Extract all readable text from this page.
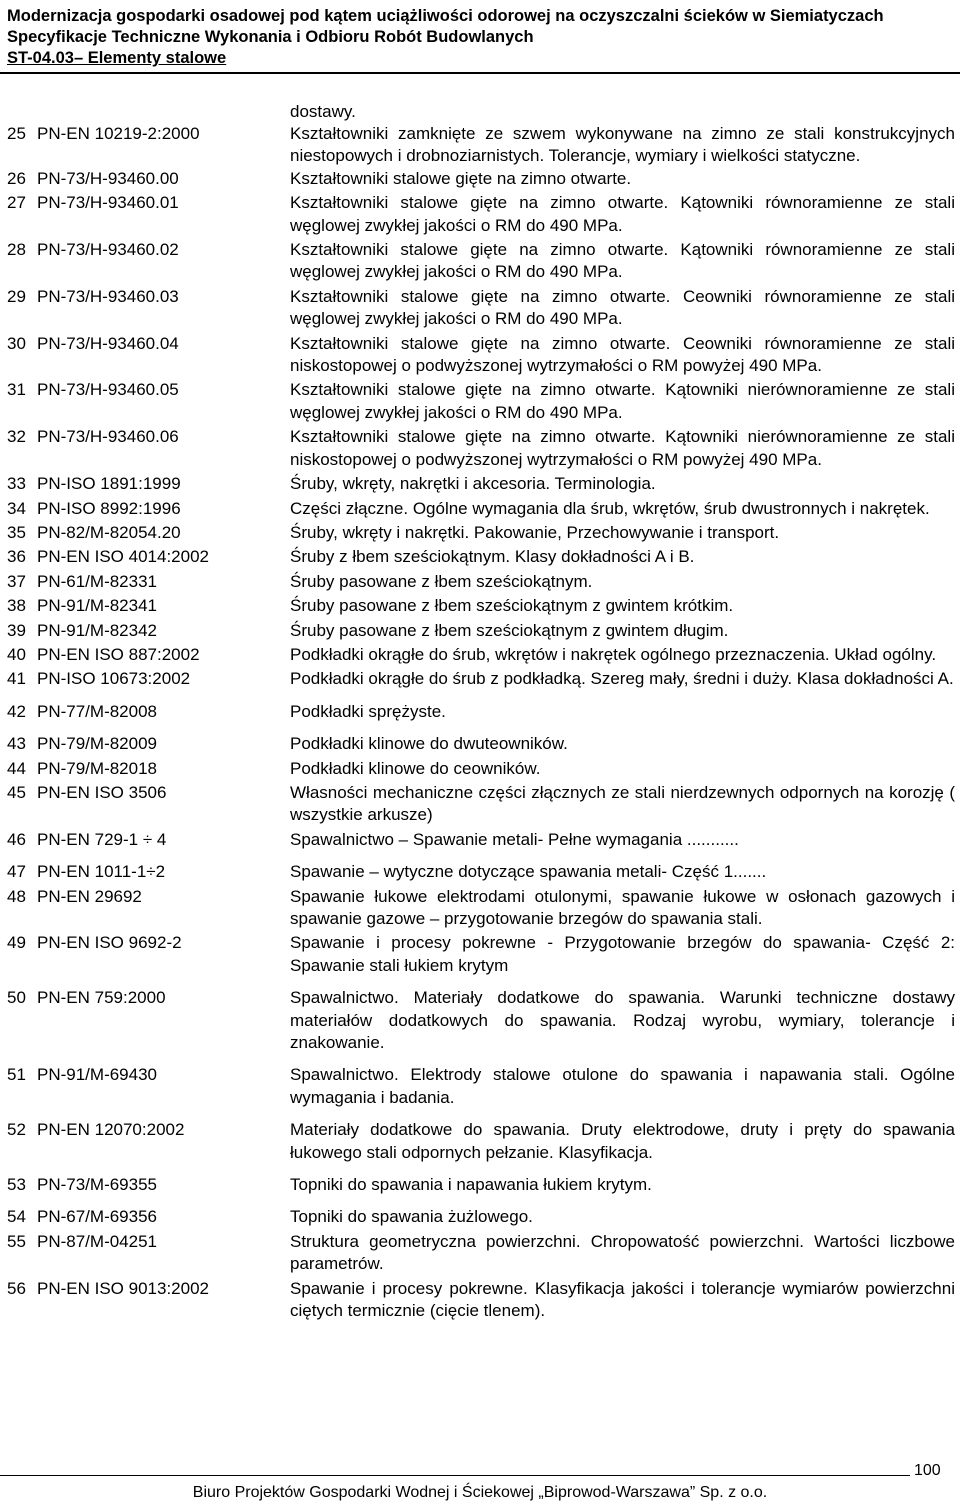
Modernizacja gospodarki osadowej pod kątem uciążliwości odorowej na oczyszczalni ścieków w Siemiatyczach
Specyfikacje Techniczne Wykonania i Odbioru Robót Budowlanych
ST-04.03– Elementy stalowe
dostawy.
25 PN-EN 10219-2:2000	Kształtowniki zamknięte ze szwem wykonywane na zimno ze stali konstrukcyjnych niestopowych i drobnoziarnistych. Tolerancje, wymiary i wielkości statyczne.
26 PN-73/H-93460.00	Kształtowniki stalowe gięte na zimno otwarte.
27 PN-73/H-93460.01	Kształtowniki stalowe gięte na zimno otwarte. Kątowniki równoramienne ze stali węglowej zwykłej jakości o RM do 490 MPa.
28 PN-73/H-93460.02	Kształtowniki stalowe gięte na zimno otwarte. Kątowniki równoramienne ze stali węglowej zwykłej jakości o RM do 490 MPa.
29 PN-73/H-93460.03	Kształtowniki stalowe gięte na zimno otwarte. Ceowniki równoramienne ze stali węglowej zwykłej jakości o RM do 490 MPa.
30 PN-73/H-93460.04	Kształtowniki stalowe gięte na zimno otwarte. Ceowniki równoramienne ze stali niskostopowej o podwyższonej wytrzymałości o RM powyżej 490 MPa.
31 PN-73/H-93460.05	Kształtowniki stalowe gięte na zimno otwarte. Kątowniki nierównoramienne ze stali węglowej zwykłej jakości o RM do 490 MPa.
32 PN-73/H-93460.06	Kształtowniki stalowe gięte na zimno otwarte. Kątowniki nierównoramienne ze stali niskostopowej o podwyższonej wytrzymałości o RM powyżej 490 MPa.
33 PN-ISO 1891:1999	Śruby, wkręty, nakrętki i akcesoria. Terminologia.
34 PN-ISO 8992:1996	Części złączne. Ogólne wymagania dla śrub, wkrętów, śrub dwustronnych i nakrętek.
35 PN-82/M-82054.20	Śruby, wkręty i nakrętki. Pakowanie, Przechowywanie i transport.
36 PN-EN ISO 4014:2002	Śruby z łbem sześciokątnym. Klasy dokładności A i B.
37 PN-61/M-82331	Śruby pasowane z łbem sześciokątnym.
38 PN-91/M-82341	Śruby pasowane z łbem sześciokątnym z gwintem krótkim.
39 PN-91/M-82342	Śruby pasowane z łbem sześciokątnym z gwintem długim.
40 PN-EN ISO 887:2002	Podkładki okrągłe do śrub, wkrętów i nakrętek ogólnego przeznaczenia. Układ ogólny.
41 PN-ISO 10673:2002	Podkładki okrągłe do śrub z podkładką. Szereg mały, średni i duży. Klasa dokładności A.
42 PN-77/M-82008	Podkładki sprężyste.
43 PN-79/M-82009	Podkładki klinowe do dwuteowników.
44 PN-79/M-82018	Podkładki klinowe do ceowników.
45 PN-EN ISO 3506	Własności mechaniczne części złącznych ze stali nierdzewnych odpornych na korozję ( wszystkie arkusze)
46 PN-EN 729-1 ÷ 4	Spawalnictwo – Spawanie metali- Pełne wymagania ...........
47 PN-EN 1011-1÷2	Spawanie – wytyczne dotyczące spawania metali- Część 1.......
48 PN-EN 29692	Spawanie łukowe elektrodami otulonymi, spawanie łukowe w osłonach gazowych i spawanie gazowe – przygotowanie brzegów do spawania stali.
49 PN-EN ISO 9692-2	Spawanie i procesy pokrewne - Przygotowanie brzegów do spawania- Część 2: Spawanie stali łukiem krytym
50 PN-EN 759:2000	Spawalnictwo. Materiały dodatkowe do spawania. Warunki techniczne dostawy materiałów dodatkowych do spawania. Rodzaj wyrobu, wymiary, tolerancje i znakowanie.
51 PN-91/M-69430	Spawalnictwo. Elektrody stalowe otulone do spawania i napawania stali. Ogólne wymagania i badania.
52 PN-EN 12070:2002	Materiały dodatkowe do spawania. Druty elektrodowe, druty i pręty do spawania łukowego stali odpornych pełzanie. Klasyfikacja.
53 PN-73/M-69355	Topniki do spawania i napawania łukiem krytym.
54 PN-67/M-69356	Topniki do spawania żużlowego.
55 PN-87/M-04251	Struktura geometryczna powierzchni. Chropowatość powierzchni. Wartości liczbowe parametrów.
56 PN-EN ISO 9013:2002	Spawanie i procesy pokrewne. Klasyfikacja jakości i tolerancje wymiarów powierzchni ciętych termicznie (cięcie tlenem).
100
Biuro Projektów Gospodarki Wodnej i Ściekowej „Biprowod-Warszawa” Sp. z o.o.
